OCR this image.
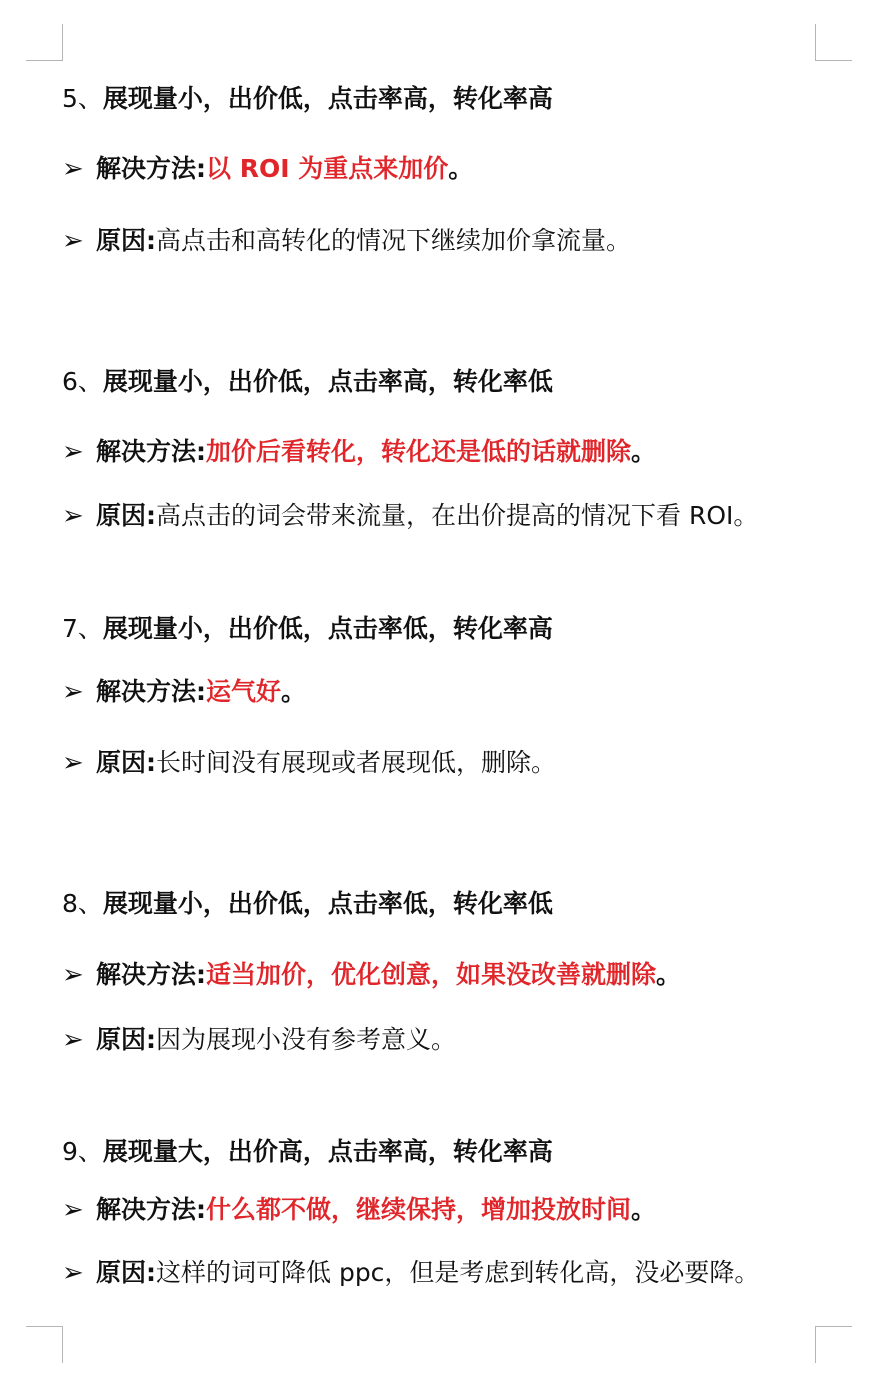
5、展现量小，出价低，点击率高，转化率高
➢ 解决方法:以 ROI 为重点来加价。
➢ 原因:高点击和高转化的情况下继续加价拿流量。
6、展现量小，出价低，点击率高，转化率低
➢ 解决方法:加价后看转化，转化还是低的话就删除。
➢ 原因:高点击的词会带来流量，在出价提高的情况下看 ROI。
7、展现量小，出价低，点击率低，转化率高
➢ 解决方法:运气好。
➢ 原因:长时间没有展现或者展现低，删除。
8、展现量小，出价低，点击率低，转化率低
➢ 解决方法:适当加价，优化创意，如果没改善就删除。
➢ 原因:因为展现小没有参考意义。
9、展现量大，出价高，点击率高，转化率高
➢ 解决方法:什么都不做，继续保持，增加投放时间。
➢ 原因:这样的词可降低 ppc，但是考虑到转化高，没必要降。
